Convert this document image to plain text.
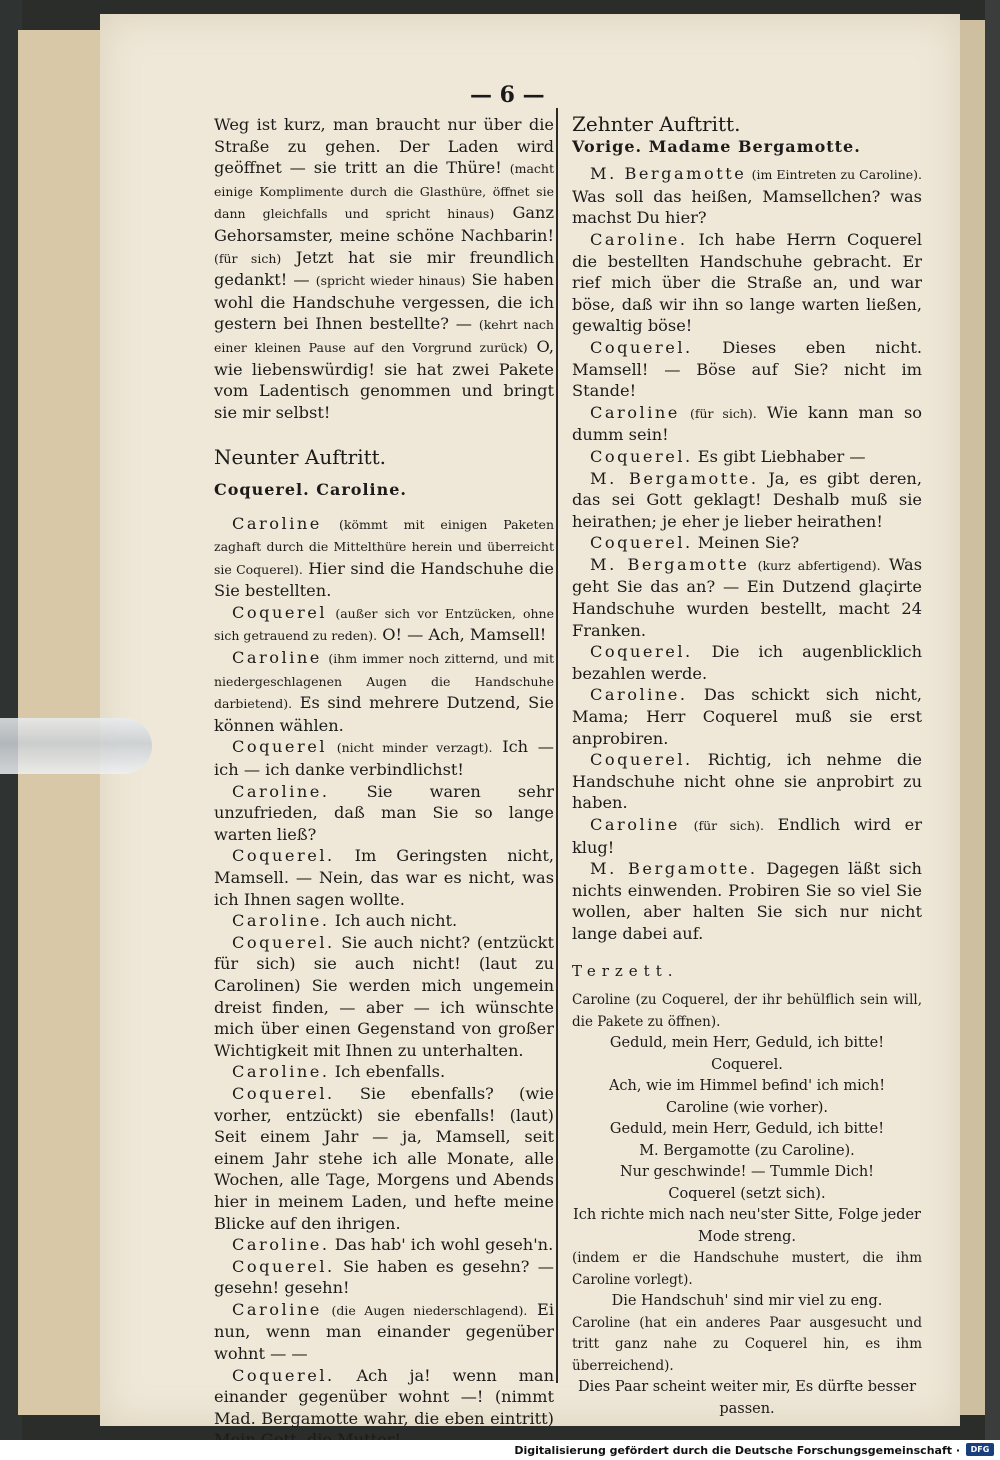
— 6 —

Weg ist kurz, man braucht nur über die Straße zu gehen. Der Laden wird geöffnet — sie tritt an die Thüre! (macht einige Komplimente durch die Glasthüre, öffnet sie dann gleichfalls und spricht hinaus) Ganz Gehorsamster, meine schöne Nachbarin! (für sich) Jetzt hat sie mir freundlich gedankt! — (spricht wieder hinaus) Sie haben wohl die Handschuhe vergessen, die ich gestern bei Ihnen bestellte? — (kehrt nach einer kleinen Pause auf den Vorgrund zurück) O, wie liebenswürdig! sie hat zwei Pakete vom Ladentisch genommen und bringt sie mir selbst!

Neunter Auftritt.

Coquerel. Caroline.

Caroline (kömmt mit einigen Paketen zaghaft durch die Mittelthüre herein und überreicht sie Coquerel). Hier sind die Handschuhe die Sie bestellten.

Coquerel (außer sich vor Entzücken, ohne sich getrauend zu reden). O! — Ach, Mamsell!

Caroline (ihm immer noch zitternd, und mit niedergeschlagenen Augen die Handschuhe darbietend). Es sind mehrere Dutzend, Sie können wählen.

Coquerel (nicht minder verzagt). Ich — ich — ich danke verbindlichst!

Caroline. Sie waren sehr unzufrieden, daß man Sie so lange warten ließ?

Coquerel. Im Geringsten nicht, Mamsell. — Nein, das war es nicht, was ich Ihnen sagen wollte.

Caroline. Ich auch nicht.

Coquerel. Sie auch nicht? (entzückt für sich) sie auch nicht! (laut zu Carolinen) Sie werden mich ungemein dreist finden, — aber — ich wünschte mich über einen Gegenstand von großer Wichtigkeit mit Ihnen zu unterhalten.

Caroline. Ich ebenfalls.

Coquerel. Sie ebenfalls? (wie vorher, entzückt) sie ebenfalls! (laut) Seit einem Jahr — ja, Mamsell, seit einem Jahr stehe ich alle Monate, alle Wochen, alle Tage, Morgens und Abends hier in meinem Laden, und hefte meine Blicke auf den ihrigen.

Caroline. Das hab' ich wohl geseh'n.

Coquerel. Sie haben es gesehn? — gesehn! gesehn!

Caroline (die Augen niederschlagend). Ei nun, wenn man einander gegenüber wohnt — —

Coquerel. Ach ja! wenn man einander gegenüber wohnt —! (nimmt Mad. Bergamotte wahr, die eben eintritt)

Zehnter Auftritt.

Vorige. Madame Bergamotte.

M. Bergamotte (im Eintreten zu Caroline). Was soll das heißen, Mamsellchen? was machst Du hier?

Caroline. Ich habe Herrn Coquerel die bestellten Handschuhe gebracht. Er rief mich über die Straße an, und war böse, daß wir ihn so lange warten ließen, gewaltig böse!

Coquerel. Dieses eben nicht. Mamsell! — Böse auf Sie? nicht im Stande!

Caroline (für sich). Wie kann man so dumm sein!

Coquerel. Es gibt Liebhaber —

M. Bergamotte. Ja, es gibt deren, das sei Gott geklagt! Deshalb muß sie heirathen; je eher je lieber heirathen!

Coquerel. Meinen Sie?

M. Bergamotte (kurz abfertigend). Was geht Sie das an? — Ein Dutzend glaçirte Handschuhe wurden bestellt, macht 24 Franken.

Coquerel. Die ich augenblicklich bezahlen werde.

Caroline. Das schickt sich nicht, Mama; Herr Coquerel muß sie erst anprobiren.

Coquerel. Richtig, ich nehme die Handschuhe nicht ohne sie anprobirt zu haben.

Caroline (für sich). Endlich wird er klug!

M. Bergamotte. Dagegen läßt sich nichts einwenden. Probiren Sie so viel Sie wollen, aber halten Sie sich nur nicht lange dabei auf.

Terzett.

Caroline (zu Coquerel, der ihr behülflich sein will, die Pakete zu öffnen).

Geduld, mein Herr, Geduld, ich bitte!

Coquerel.

Ach, wie im Himmel befind' ich mich!

Caroline (wie vorher).

Geduld, mein Herr, Geduld, ich bitte!

M. Bergamotte (zu Caroline).

Nur geschwinde! — Tummle Dich!

Coquerel (setzt sich).

Ich richte mich nach neu'ster Sitte, Folge jeder Mode streng.

(indem er die Handschuhe mustert, die ihm Caroline vorlegt).

Die Handschuh' sind mir viel zu eng.

Caroline (hat ein anderes Paar ausgesucht und tritt ganz nahe zu Coquerel hin, es ihm überreichend).

Dies Paar scheint weiter mir, Es dürfte besser passen.

Digitalisierung gefördert durch die Deutsche Forschungsgemeinschaft ·	DFG
